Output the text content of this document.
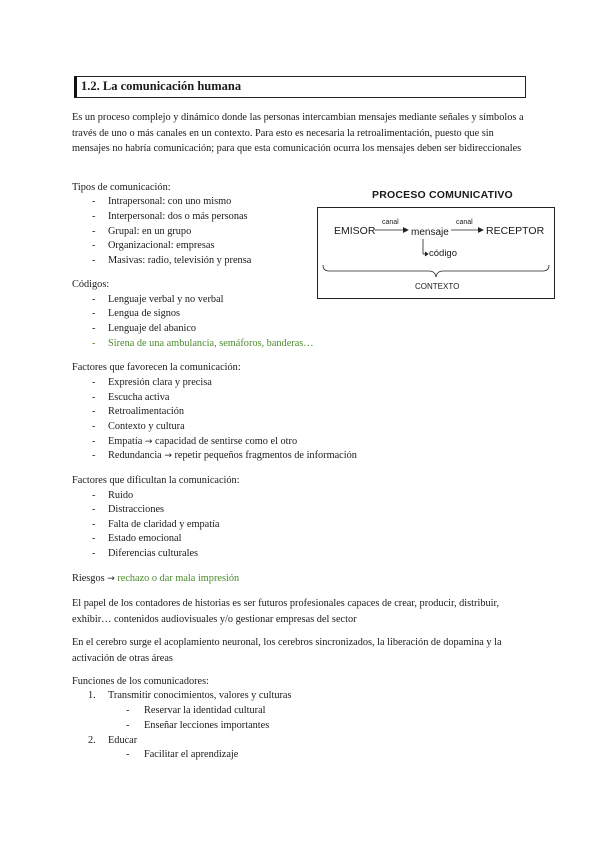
1.2. La comunicación humana
Es un proceso complejo y dinámico donde las personas intercambian mensajes mediante señales y símbolos a través de uno o más canales en un contexto. Para esto es necesaria la retroalimentación, puesto que sin mensajes no habría comunicación; para que esta comunicación ocurra los mensajes deben ser bidireccionales
Tipos de comunicación:
- Intrapersonal: con uno mismo
- Interpersonal: dos o más personas
- Grupal: en un grupo
- Organizacional: empresas
- Masivas: radio, televisión y prensa
Códigos:
- Lenguaje verbal y no verbal
- Lengua de signos
- Lenguaje del abanico
- Sirena de una ambulancia, semáforos, banderas…
Factores que favorecen la comunicación:
- Expresión clara y precisa
- Escucha activa
- Retroalimentación
- Contexto y cultura
- Empatía → capacidad de sentirse como el otro
- Redundancia → repetir pequeños fragmentos de información
Factores que dificultan la comunicación:
- Ruido
- Distracciones
- Falta de claridad y empatía
- Estado emocional
- Diferencias culturales
Riesgos → rechazo o dar mala impresión
El papel de los contadores de historias es ser futuros profesionales capaces de crear, producir, distribuir, exhibir… contenidos audiovisuales y/o gestionar empresas del sector
En el cerebro surge el acoplamiento neuronal, los cerebros sincronizados, la liberación de dopamina y la activación de otras áreas
Funciones de los comunicadores:
1. Transmitir conocimientos, valores y culturas
- Reservar la identidad cultural
- Enseñar lecciones importantes
2. Educar
- Facilitar el aprendizaje
PROCESO COMUNICATIVO
EMISOR
canal
mensaje
canal
RECEPTOR
código
CONTEXTO
